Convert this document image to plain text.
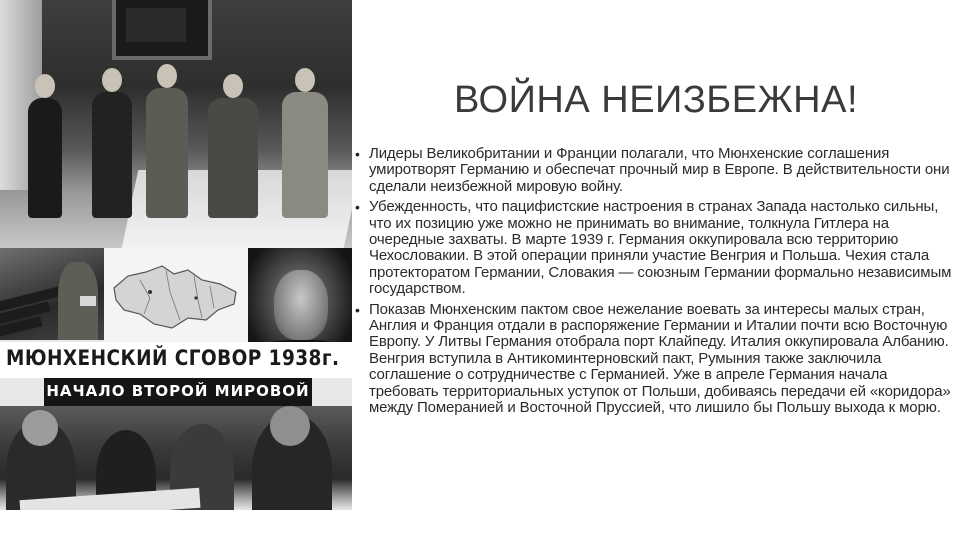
МЮНХЕНСКИЙ СГОВОР 1938г.
НАЧАЛО ВТОРОЙ МИРОВОЙ
ВОЙНА НЕИЗБЕЖНА!
• Лидеры Великобритании и Франции полагали, что Мюнхенские соглашения умиротворят Германию и обеспечат прочный мир в Европе. В действительности они сделали неизбежной мировую войну.
• Убежденность, что пацифистские настроения в странах Запада настолько сильны, что их позицию уже можно не принимать во внимание, толкнула Гитлера на очередные захваты. В марте 1939 г. Германия оккупировала всю территорию Чехословакии. В этой операции приняли участие Венгрия и Польша. Чехия стала протекторатом Германии, Словакия — союзным Германии формально независимым государством.
• Показав Мюнхенским пактом свое нежелание воевать за интересы малых стран, Англия и Франция отдали в распоряжение Германии и Италии почти всю Восточную Европу. У Литвы Германия отобрала порт Клайпеду. Италия оккупировала Албанию. Венгрия вступила в Антикоминтерновский пакт, Румыния также заключила соглашение о сотрудничестве с Германией. Уже в апреле Германия начала требовать территориальных уступок от Польши, добиваясь передачи ей «коридора» между Померанией и Восточной Пруссией, что лишило бы Польшу выхода к морю.
